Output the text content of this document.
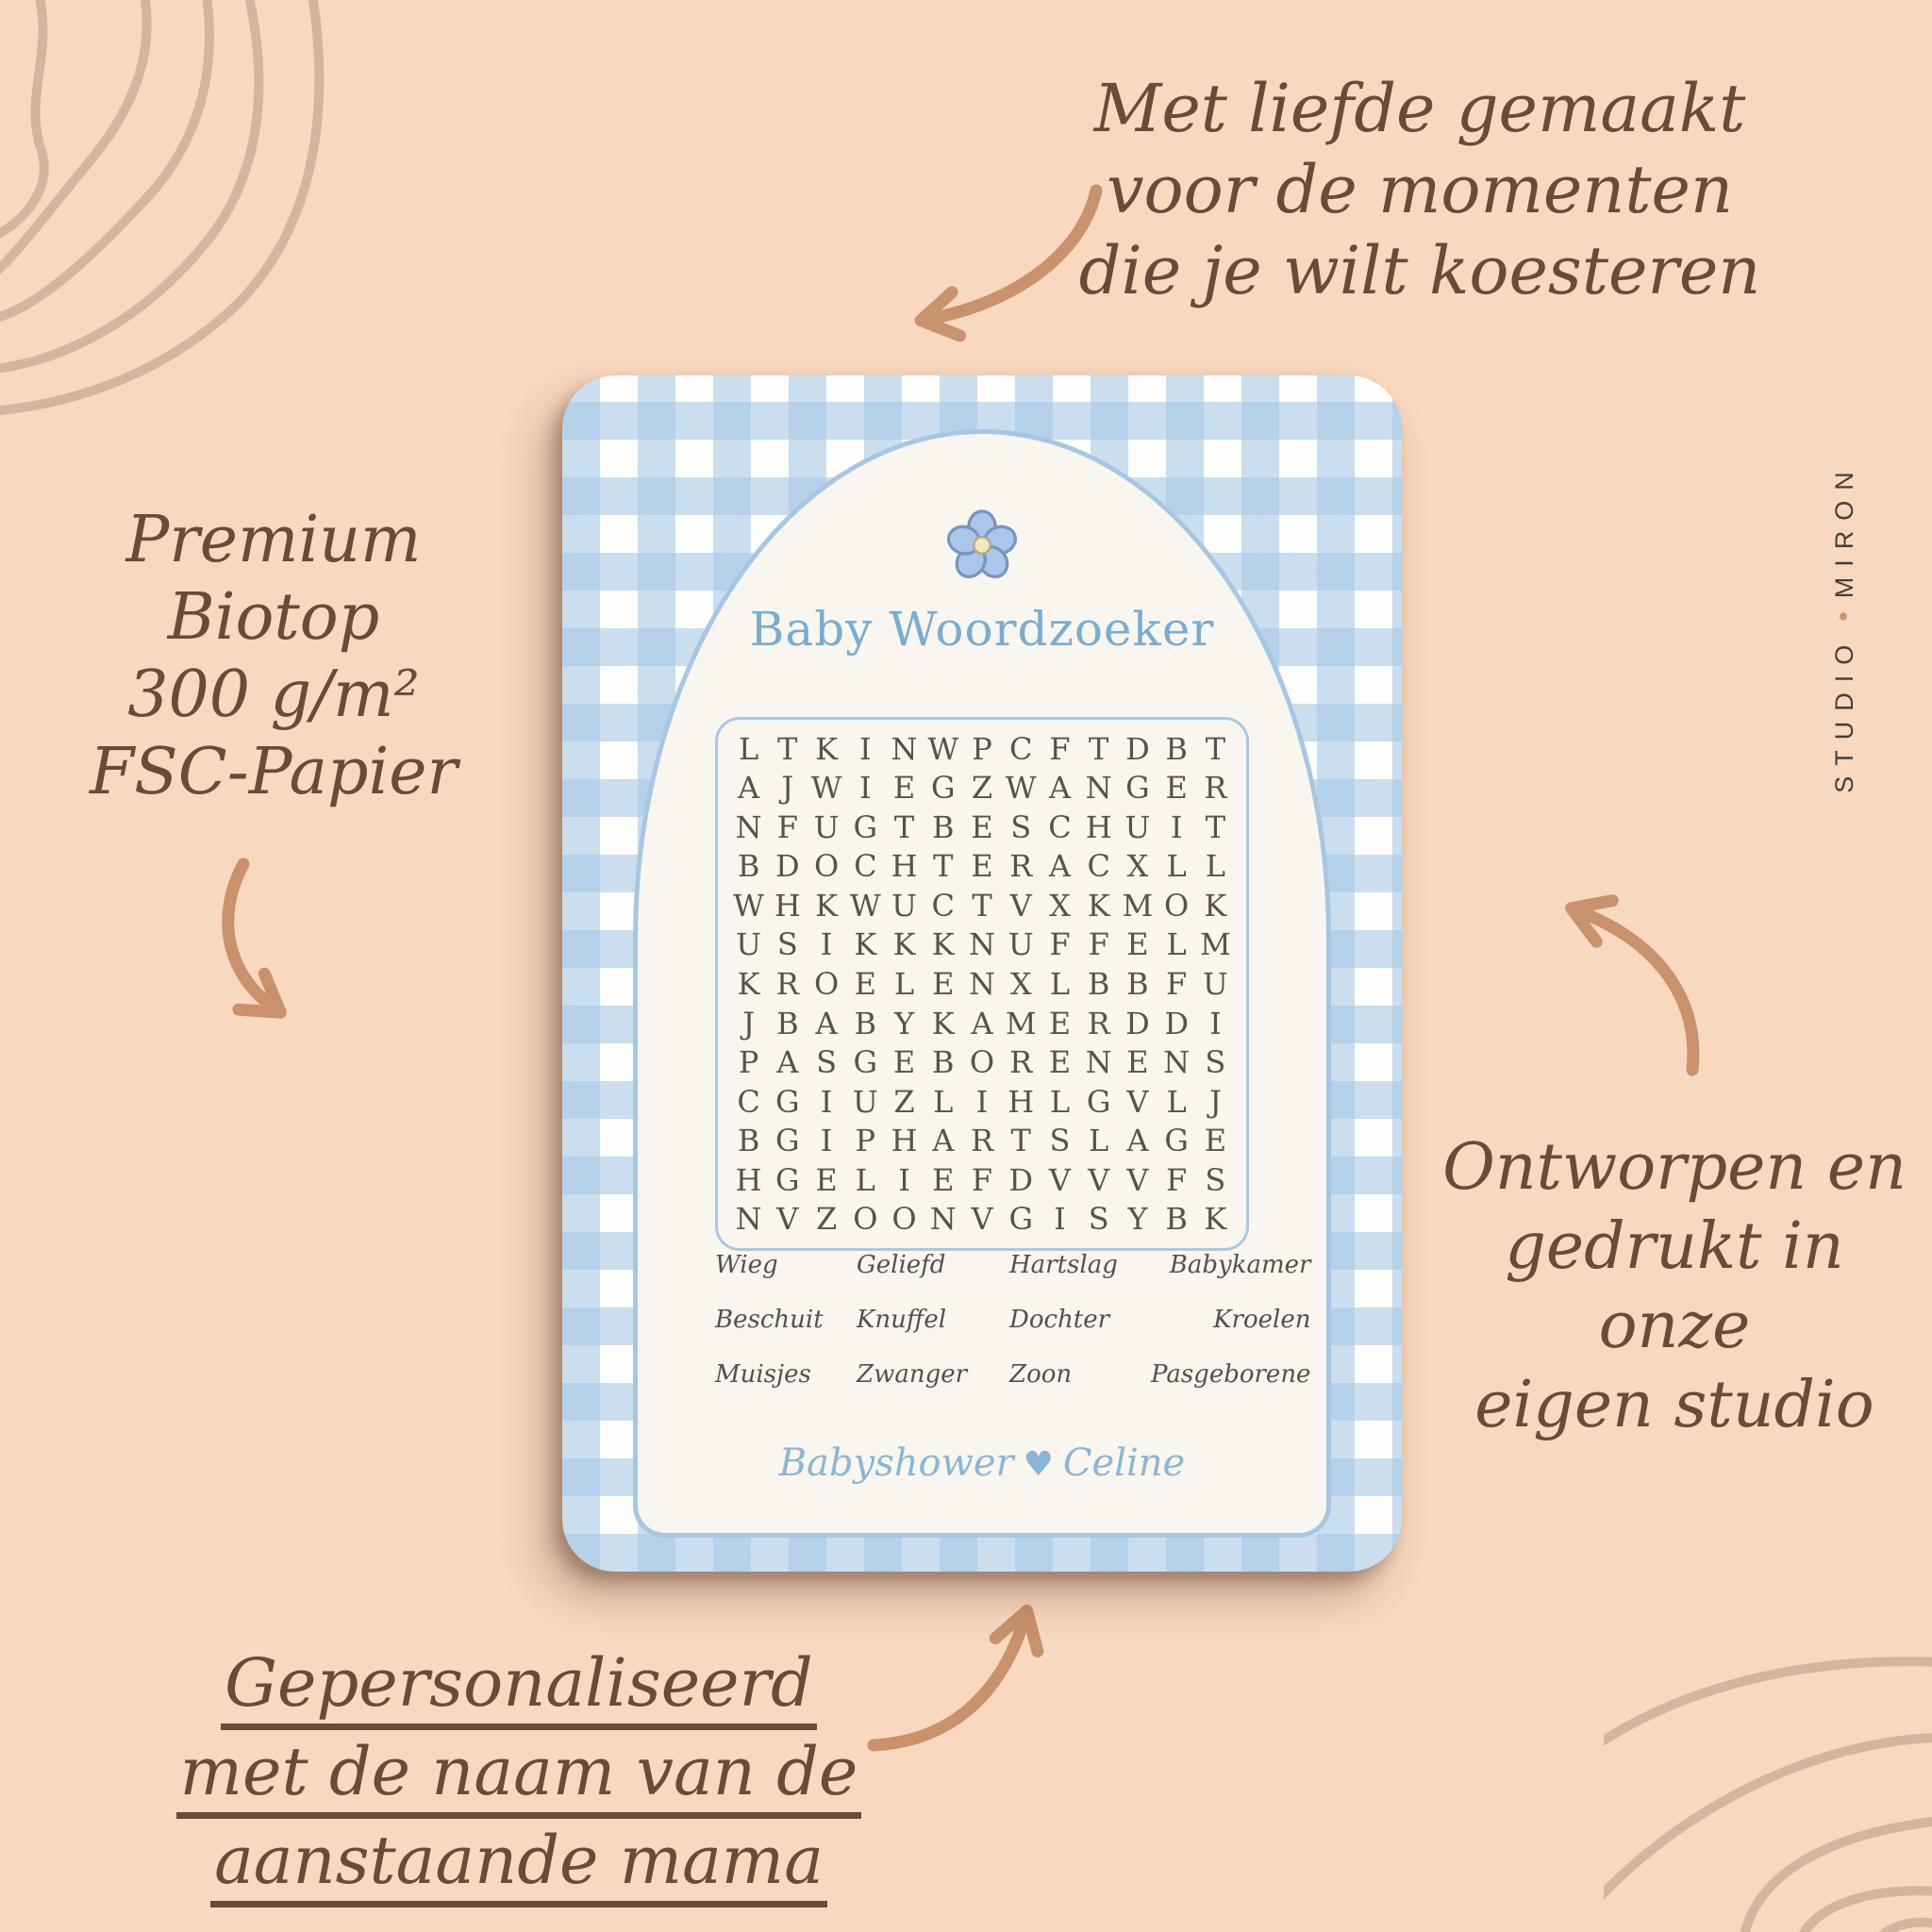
Met liefde gemaakt
voor de momenten
die je wilt koesteren
Premium
Biotop
300 g/m²
FSC-Papier
Ontworpen en
gedrukt in onze
eigen studio
Gepersonaliseerd
met de naam van de
aanstaande mama
STUDIO
•
MIRON
Baby Woordzoeker
L T K I N W P C F T D B T
A J W I E G Z W A N G E R
N F U G T B E S C H U I T
B D O C H T E R A C X L L
W H K W U C T V X K M O K
U S I K K K N U F F E L M
K R O E L E N X L B B F U
J B A B Y K A M E R D D I
P A S G E B O R E N E N S
C G I U Z L I H L G V L J
B G I P H A R T S L A G E
H G E L I E F D V V V F S
N V Z O O N V G I S Y B K
Wieg	Geliefd	Hartslag	Babykamer
Beschuit	Knuffel	Dochter	Kroelen
Muisjes	Zwanger	Zoon	Pasgeborene
Babyshower ♥ Celine
